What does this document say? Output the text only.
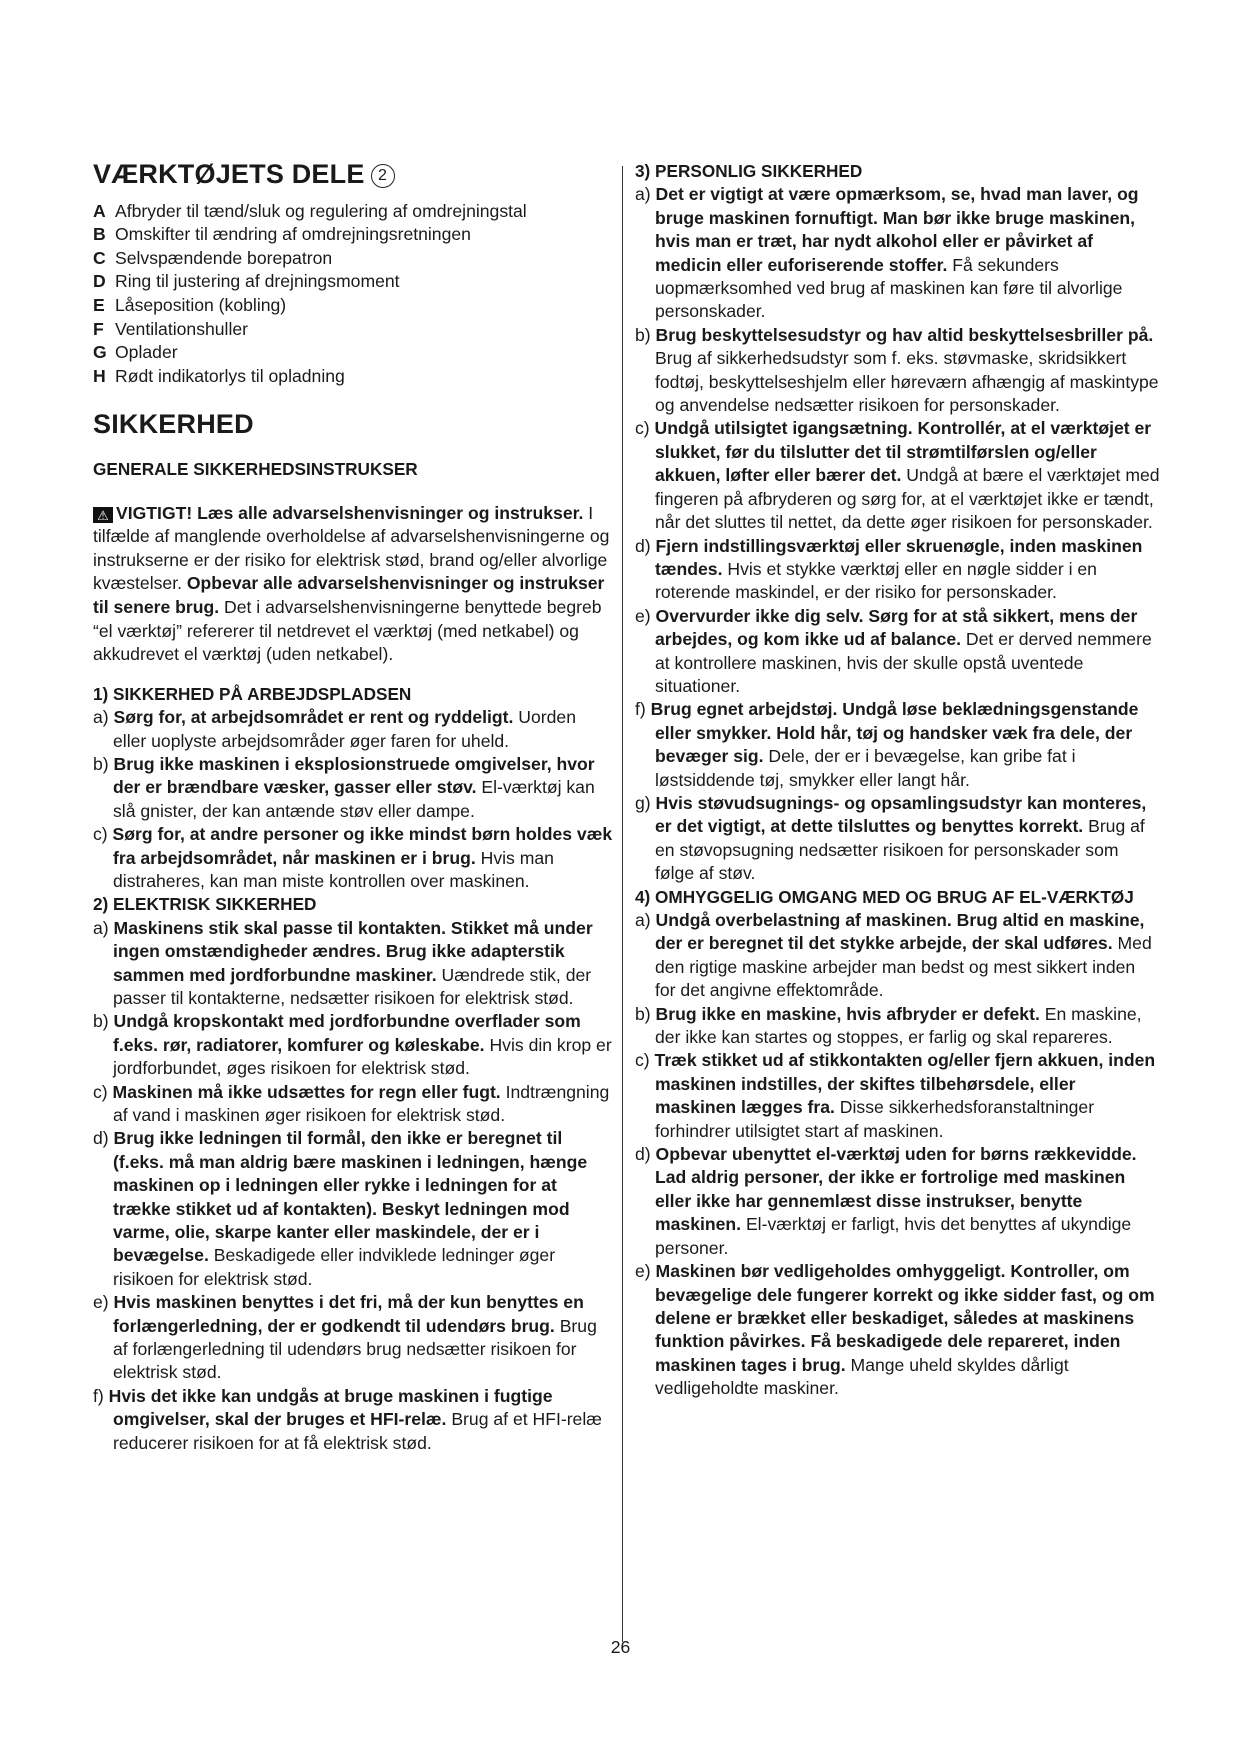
VÆRKTØJETS DELE 2
A Afbryder til tænd/sluk og regulering af omdrejningstal
B Omskifter til ændring af omdrejningsretningen
C Selvspændende borepatron
D Ring til justering af drejningsmoment
E Låseposition (kobling)
F Ventilationshuller
G Oplader
H Rødt indikatorlys til opladning
SIKKERHED
GENERALE SIKKERHEDSINSTRUKSER
⚠ VIGTIGT! Læs alle advarselshenvisninger og instrukser. I tilfælde af manglende overholdelse af advarselshenvisningerne og instrukserne er der risiko for elektrisk stød, brand og/eller alvorlige kvæstelser. Opbevar alle advarselshenvisninger og instrukser til senere brug. Det i advarselshenvisningerne benyttede begreb “el værktøj” refererer til netdrevet el værktøj (med netkabel) og akkudrevet el værktøj (uden netkabel).
1) SIKKERHED PÅ ARBEJDSPLADSEN

a) Sørg for, at arbejdsområdet er rent og ryddeligt. Uorden eller uoplyste arbejdsområder øger faren for uheld.

b) Brug ikke maskinen i eksplosionstruede omgivelser, hvor der er brændbare væsker, gasser eller støv. El-værktøj kan slå gnister, der kan antænde støv eller dampe.

c) Sørg for, at andre personer og ikke mindst børn holdes væk fra arbejdsområdet, når maskinen er i brug. Hvis man distraheres, kan man miste kontrollen over maskinen.

2) ELEKTRISK SIKKERHED

a) Maskinens stik skal passe til kontakten. Stikket må under ingen omstændigheder ændres. Brug ikke adapterstik sammen med jordforbundne maskiner. Uændrede stik, der passer til kontakterne, nedsætter risikoen for elektrisk stød.

b) Undgå kropskontakt med jordforbundne overflader som f.eks. rør, radiatorer, komfurer og køleskabe. Hvis din krop er jordforbundet, øges risikoen for elektrisk stød.

c) Maskinen må ikke udsættes for regn eller fugt. Indtrængning af vand i maskinen øger risikoen for elektrisk stød.

d) Brug ikke ledningen til formål, den ikke er beregnet til (f.eks. må man aldrig bære maskinen i ledningen, hænge maskinen op i ledningen eller rykke i ledningen for at trække stikket ud af kontakten). Beskyt ledningen mod varme, olie, skarpe kanter eller maskindele, der er i bevægelse. Beskadigede eller indviklede ledninger øger risikoen for elektrisk stød.

e) Hvis maskinen benyttes i det fri, må der kun benyttes en forlængerledning, der er godkendt til udendørs brug. Brug af forlængerledning til udendørs brug nedsætter risikoen for elektrisk stød.

f) Hvis det ikke kan undgås at bruge maskinen i fugtige omgivelser, skal der bruges et HFI-relæ. Brug af et HFI-relæ reducerer risikoen for at få elektrisk stød.

3) PERSONLIG SIKKERHED

a) Det er vigtigt at være opmærksom, se, hvad man laver, og bruge maskinen fornuftigt. Man bør ikke bruge maskinen, hvis man er træt, har nydt alkohol eller er påvirket af medicin eller euforiserende stoffer. Få sekunders uopmærksomhed ved brug af maskinen kan føre til alvorlige personskader.

b) Brug beskyttelsesudstyr og hav altid beskyttelsesbriller på. Brug af sikkerhedsudstyr som f. eks. støvmaske, skridsikkert fodtøj, beskyttelseshjelm eller høreværn afhængig af maskintype og anvendelse nedsætter risikoen for personskader.

c) Undgå utilsigtet igangsætning. Kontrollér, at el værktøjet er slukket, før du tilslutter det til strømtilførslen og/eller akkuen, løfter eller bærer det. Undgå at bære el værktøjet med fingeren på afbryderen og sørg for, at el værktøjet ikke er tændt, når det sluttes til nettet, da dette øger risikoen for personskader.

d) Fjern indstillingsværktøj eller skruenøgle, inden maskinen tændes. Hvis et stykke værktøj eller en nøgle sidder i en roterende maskindel, er der risiko for personskader.

e) Overvurder ikke dig selv. Sørg for at stå sikkert, mens der arbejdes, og kom ikke ud af balance. Det er derved nemmere at kontrollere maskinen, hvis der skulle opstå uventede situationer.

f) Brug egnet arbejdstøj. Undgå løse beklædningsgenstande eller smykker. Hold hår, tøj og handsker væk fra dele, der bevæger sig. Dele, der er i bevægelse, kan gribe fat i løstsiddende tøj, smykker eller langt hår.

g) Hvis støvudsugnings- og opsamlingsudstyr kan monteres, er det vigtigt, at dette tilsluttes og benyttes korrekt. Brug af en støvopsugning nedsætter risikoen for personskader som følge af støv.

4) OMHYGGELIG OMGANG MED OG BRUG AF EL-VÆRKTØJ

a) Undgå overbelastning af maskinen. Brug altid en maskine, der er beregnet til det stykke arbejde, der skal udføres. Med den rigtige maskine arbejder man bedst og mest sikkert inden for det angivne effektområde.

b) Brug ikke en maskine, hvis afbryder er defekt. En maskine, der ikke kan startes og stoppes, er farlig og skal repareres.

c) Træk stikket ud af stikkontakten og/eller fjern akkuen, inden maskinen indstilles, der skiftes tilbehørsdele, eller maskinen lægges fra. Disse sikkerhedsforanstaltninger forhindrer utilsigtet start af maskinen.

d) Opbevar ubenyttet el-værktøj uden for børns rækkevidde. Lad aldrig personer, der ikke er fortrolige med maskinen eller ikke har gennemlæst disse instrukser, benytte maskinen. El-værktøj er farligt, hvis det benyttes af ukyndige personer.

e) Maskinen bør vedligeholdes omhyggeligt. Kontroller, om bevægelige dele fungerer korrekt og ikke sidder fast, og om delene er brækket eller beskadiget, således at maskinens funktion påvirkes. Få beskadigede dele repareret, inden maskinen tages i brug. Mange uheld skyldes dårligt vedligeholdte maskiner.

26
